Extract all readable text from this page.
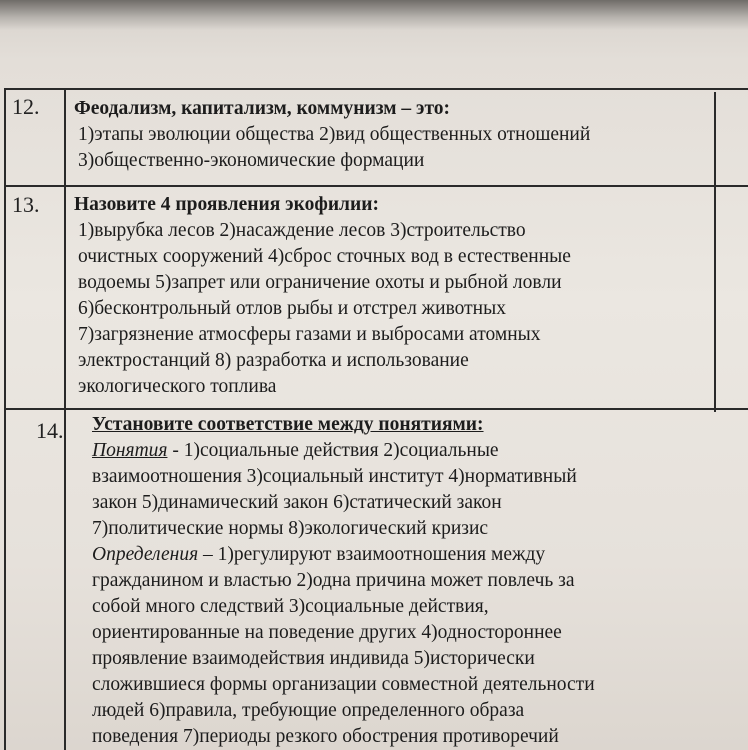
12. Феодализм, капитализм, коммунизм – это:
1)этапы эволюции общества 2)вид общественных отношений
3)общественно-экономические формации
13. Назовите 4 проявления экофилии:
1)вырубка лесов 2)насаждение лесов 3)строительство
очистных сооружений 4)сброс сточных вод в естественные
водоемы 5)запрет или ограничение охоты и рыбной ловли
6)бесконтрольный отлов рыбы и отстрел животных
7)загрязнение атмосферы газами и выбросами атомных
электростанций 8) разработка и использование
экологического топлива
14. Установите соответствие между понятиями:
Понятия - 1)социальные действия 2)социальные
взаимоотношения 3)социальный институт 4)нормативный
закон 5)динамический закон 6)статический закон
7)политические нормы 8)экологический кризис
Определения – 1)регулируют взаимоотношения между
гражданином и властью 2)одна причина может повлечь за
собой много следствий 3)социальные действия,
ориентированные на поведение других 4)одностороннее
проявление взаимодействия индивида 5)исторически
сложившиеся формы организации совместной деятельности
людей 6)правила, требующие определенного образа
поведения 7)периоды резкого обострения противоречий
